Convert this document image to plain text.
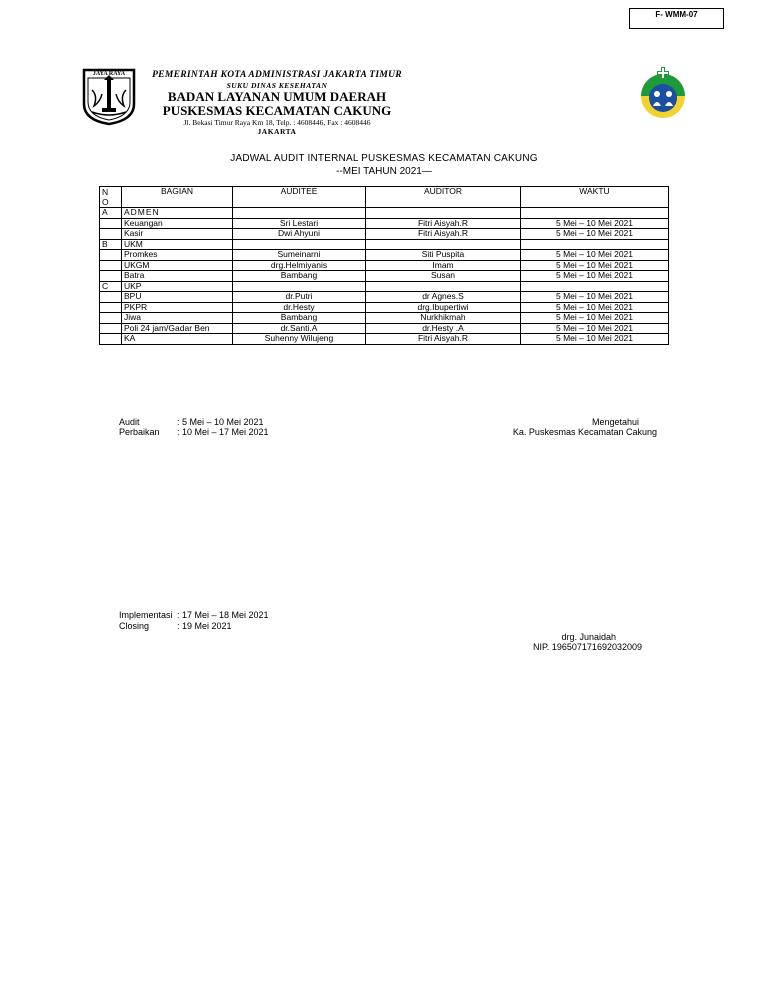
F- WMM-07
JAYA RAYA	PEMERINTAH KOTA ADMINISTRASI JAKARTA TIMUR
SUKU DINAS KESEHATAN
BADAN LAYANAN UMUM DAERAH
PUSKESMAS KECAMATAN CAKUNG
Jl. Bekasi Timur Raya Km 18, Telp. : 4608446, Fax : 4608446
JAKARTA
JADWAL AUDIT INTERNAL PUSKESMAS KECAMATAN CAKUNG
--MEI TAHUN 2021—
N
O	BAGIAN	AUDITEE	AUDITOR	WAKTU
A	ADMEN			
	Keuangan	Sri Lestari	Fitri Aisyah.R	5 Mei – 10 Mei 2021
	Kasir	Dwi Ahyuni	Fitri Aisyah.R	5 Mei – 10 Mei 2021
B	UKM			
	Promkes	Sumeinarni	Siti Puspita	5 Mei – 10 Mei 2021
	UKGM	drg.Helmiyanis	Imam	5 Mei – 10 Mei 2021
	Batra	Bambang	Susan	5 Mei – 10 Mei 2021
C	UKP			
	BPU	dr.Putri	dr Agnes.S	5 Mei – 10 Mei 2021
	PKPR	dr.Hesty	drg.Ibupertiwi	5 Mei – 10 Mei 2021
	Jiwa	Bambang	Nurkhikmah	5 Mei – 10 Mei 2021
	Poli 24 jam/Gadar Ben	dr.Santi.A	dr.Hesty .A	5 Mei – 10 Mei 2021
	KA	Suhenny Wilujeng	Fitri Aisyah.R	5 Mei – 10 Mei 2021
Audit	: 5 Mei – 10 Mei 2021
Perbaikan : 10 Mei – 17 Mei 2021
Mengetahui
Ka. Puskesmas Kecamatan Cakung
Implementasi : 17 Mei – 18 Mei 2021
Closing	: 19 Mei 2021
drg. Junaidah
NIP. 196507171692032009
